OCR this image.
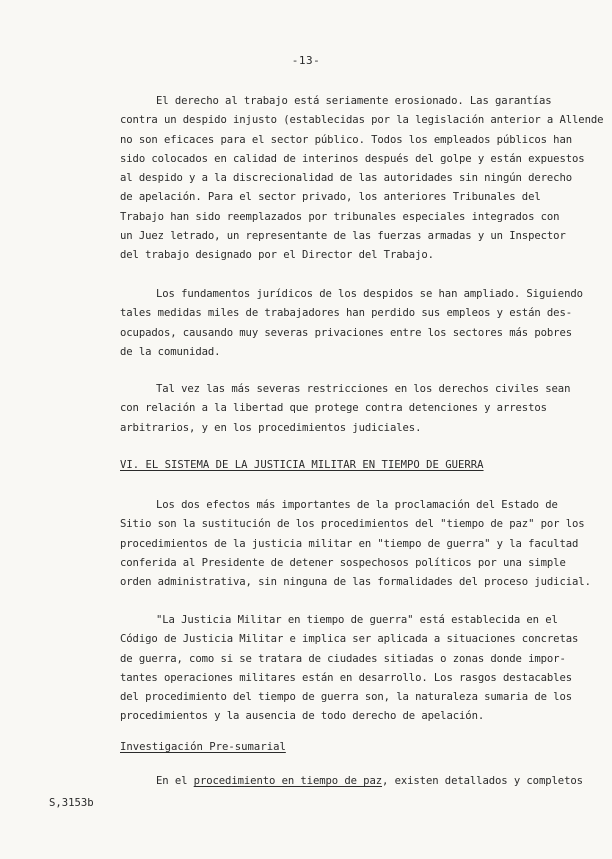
-13-

El derecho al trabajo está seriamente erosionado. Las garantías
contra un despido injusto (establecidas por la legislación anterior a Allende
no son eficaces para el sector público. Todos los empleados públicos han
sido colocados en calidad de interinos después del golpe y están expuestos
al despido y a la discrecionalidad de las autoridades sin ningún derecho
de apelación. Para el sector privado, los anteriores Tribunales del
Trabajo han sido reemplazados por tribunales especiales integrados con
un Juez letrado, un representante de las fuerzas armadas y un Inspector
del trabajo designado por el Director del Trabajo.

Los fundamentos jurídicos de los despidos se han ampliado. Siguiendo
tales medidas miles de trabajadores han perdido sus empleos y están des-
ocupados, causando muy severas privaciones entre los sectores más pobres
de la comunidad.

Tal vez las más severas restricciones en los derechos civiles sean
con relación a la libertad que protege contra detenciones y arrestos
arbitrarios, y en los procedimientos judiciales.

VI. EL SISTEMA DE LA JUSTICIA MILITAR EN TIEMPO DE GUERRA

Los dos efectos más importantes de la proclamación del Estado de
Sitio son la sustitución de los procedimientos del "tiempo de paz" por los
procedimientos de la justicia militar en "tiempo de guerra" y la facultad
conferida al Presidente de detener sospechosos políticos por una simple
orden administrativa, sin ninguna de las formalidades del proceso judicial.

"La Justicia Militar en tiempo de guerra" está establecida en el
Código de Justicia Militar e implica ser aplicada a situaciones concretas
de guerra, como si se tratara de ciudades sitiadas o zonas donde impor-
tantes operaciones militares están en desarrollo. Los rasgos destacables
del procedimiento del tiempo de guerra son, la naturaleza sumaria de los
procedimientos y la ausencia de todo derecho de apelación.

Investigación Pre-sumarial

En el procedimiento en tiempo de paz, existen detallados y completos

S,3153b
